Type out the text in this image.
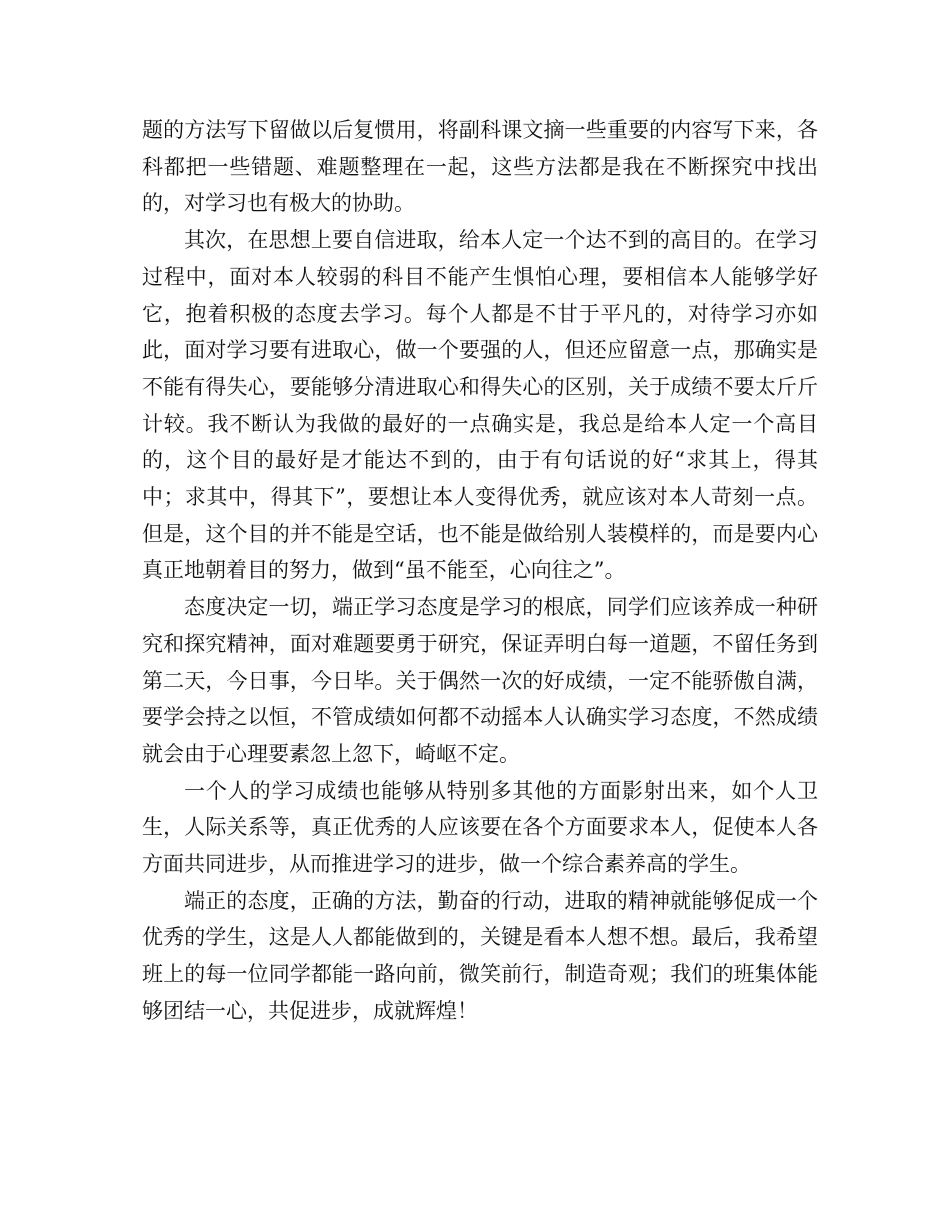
题的方法写下留做以后复惯用，将副科课文摘一些重要的内容写下来，各科都把一些错题、难题整理在一起，这些方法都是我在不断探究中找出的，对学习也有极大的协助。

其次，在思想上要自信进取，给本人定一个达不到的高目的。在学习过程中，面对本人较弱的科目不能产生惧怕心理，要相信本人能够学好它，抱着积极的态度去学习。每个人都是不甘于平凡的，对待学习亦如此，面对学习要有进取心，做一个要强的人，但还应留意一点，那确实是不能有得失心，要能够分清进取心和得失心的区别，关于成绩不要太斤斤计较。我不断认为我做的最好的一点确实是，我总是给本人定一个高目的，这个目的最好是才能达不到的，由于有句话说的好“求其上，得其中；求其中，得其下”，要想让本人变得优秀，就应该对本人苛刻一点。但是，这个目的并不能是空话，也不能是做给别人装模样的，而是要内心真正地朝着目的努力，做到“虽不能至，心向往之”。

态度决定一切，端正学习态度是学习的根底，同学们应该养成一种研究和探究精神，面对难题要勇于研究，保证弄明白每一道题，不留任务到第二天，今日事，今日毕。关于偶然一次的好成绩，一定不能骄傲自满，要学会持之以恒，不管成绩如何都不动摇本人认确实学习态度，不然成绩就会由于心理要素忽上忽下，崎岖不定。

一个人的学习成绩也能够从特别多其他的方面影射出来，如个人卫生，人际关系等，真正优秀的人应该要在各个方面要求本人，促使本人各方面共同进步，从而推进学习的进步，做一个综合素养高的学生。

端正的态度，正确的方法，勤奋的行动，进取的精神就能够促成一个优秀的学生，这是人人都能做到的，关键是看本人想不想。最后，我希望班上的每一位同学都能一路向前，微笑前行，制造奇观；我们的班集体能够团结一心，共促进步，成就辉煌！
